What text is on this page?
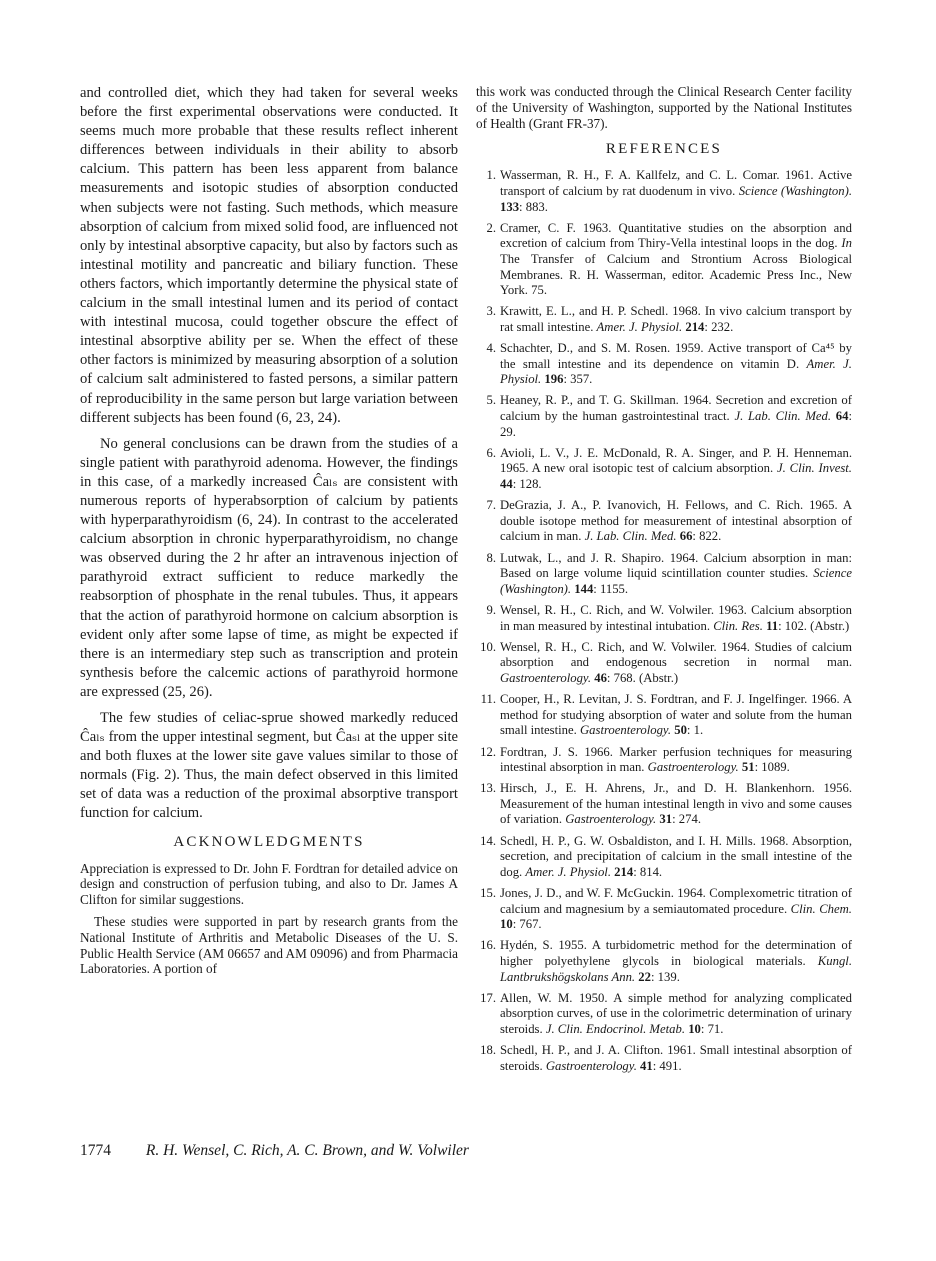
and controlled diet, which they had taken for several weeks before the first experimental observations were conducted. It seems much more probable that these results reflect inherent differences between individuals in their ability to absorb calcium. This pattern has been less apparent from balance measurements and isotopic studies of absorption conducted when subjects were not fasting. Such methods, which measure absorption of calcium from mixed solid food, are influenced not only by intestinal absorptive capacity, but also by factors such as intestinal motility and pancreatic and biliary function. These others factors, which importantly determine the physical state of calcium in the small intestinal lumen and its period of contact with intestinal mucosa, could together obscure the effect of intestinal absorptive ability per se. When the effect of these other factors is minimized by measuring absorption of a solution of calcium salt administered to fasted persons, a similar pattern of reproducibility in the same person but large variation between different subjects has been found (6, 23, 24).

No general conclusions can be drawn from the studies of a single patient with parathyroid adenoma. However, the findings in this case, of a markedly increased Ĉaₗₛ are consistent with numerous reports of hyperabsorption of calcium by patients with hyperparathyroidism (6, 24). In contrast to the accelerated calcium absorption in chronic hyperparathyroidism, no change was observed during the 2 hr after an intravenous injection of parathyroid extract sufficient to reduce markedly the reabsorption of phosphate in the renal tubules. Thus, it appears that the action of parathyroid hormone on calcium absorption is evident only after some lapse of time, as might be expected if there is an intermediary step such as transcription and protein synthesis before the calcemic actions of parathyroid hormone are expressed (25, 26).

The few studies of celiac-sprue showed markedly reduced Ĉaₗₛ from the upper intestinal segment, but Ĉaₛₗ at the upper site and both fluxes at the lower site gave values similar to those of normals (Fig. 2). Thus, the main defect observed in this limited set of data was a reduction of the proximal absorptive transport function for calcium.

ACKNOWLEDGMENTS

Appreciation is expressed to Dr. John F. Fordtran for detailed advice on design and construction of perfusion tubing, and also to Dr. James A Clifton for similar suggestions.

These studies were supported in part by research grants from the National Institute of Arthritis and Metabolic Diseases of the U. S. Public Health Service (AM 06657 and AM 09096) and from Pharmacia Laboratories. A portion of

this work was conducted through the Clinical Research Center facility of the University of Washington, supported by the National Institutes of Health (Grant FR-37).

REFERENCES
1. Wasserman, R. H., F. A. Kallfelz, and C. L. Comar. 1961. Active transport of calcium by rat duodenum in vivo. Science (Washington). 133: 883.
2. Cramer, C. F. 1963. Quantitative studies on the absorption and excretion of calcium from Thiry-Vella intestinal loops in the dog. In The Transfer of Calcium and Strontium Across Biological Membranes. R. H. Wasserman, editor. Academic Press Inc., New York. 75.
3. Krawitt, E. L., and H. P. Schedl. 1968. In vivo calcium transport by rat small intestine. Amer. J. Physiol. 214: 232.
4. Schachter, D., and S. M. Rosen. 1959. Active transport of Ca⁴⁵ by the small intestine and its dependence on vitamin D. Amer. J. Physiol. 196: 357.
5. Heaney, R. P., and T. G. Skillman. 1964. Secretion and excretion of calcium by the human gastrointestinal tract. J. Lab. Clin. Med. 64: 29.
6. Avioli, L. V., J. E. McDonald, R. A. Singer, and P. H. Henneman. 1965. A new oral isotopic test of calcium absorption. J. Clin. Invest. 44: 128.
7. DeGrazia, J. A., P. Ivanovich, H. Fellows, and C. Rich. 1965. A double isotope method for measurement of intestinal absorption of calcium in man. J. Lab. Clin. Med. 66: 822.
8. Lutwak, L., and J. R. Shapiro. 1964. Calcium absorption in man: Based on large volume liquid scintillation counter studies. Science (Washington). 144: 1155.
9. Wensel, R. H., C. Rich, and W. Volwiler. 1963. Calcium absorption in man measured by intestinal intubation. Clin. Res. 11: 102. (Abstr.)
10. Wensel, R. H., C. Rich, and W. Volwiler. 1964. Studies of calcium absorption and endogenous secretion in normal man. Gastroenterology. 46: 768. (Abstr.)
11. Cooper, H., R. Levitan, J. S. Fordtran, and F. J. Ingelfinger. 1966. A method for studying absorption of water and solute from the human small intestine. Gastroenterology. 50: 1.
12. Fordtran, J. S. 1966. Marker perfusion techniques for measuring intestinal absorption in man. Gastroenterology. 51: 1089.
13. Hirsch, J., E. H. Ahrens, Jr., and D. H. Blankenhorn. 1956. Measurement of the human intestinal length in vivo and some causes of variation. Gastroenterology. 31: 274.
14. Schedl, H. P., G. W. Osbaldiston, and I. H. Mills. 1968. Absorption, secretion, and precipitation of calcium in the small intestine of the dog. Amer. J. Physiol. 214: 814.
15. Jones, J. D., and W. F. McGuckin. 1964. Complexometric titration of calcium and magnesium by a semiautomated procedure. Clin. Chem. 10: 767.
16. Hydén, S. 1955. A turbidometric method for the determination of higher polyethylene glycols in biological materials. Kungl. Lantbrukshögskolans Ann. 22: 139.
17. Allen, W. M. 1950. A simple method for analyzing complicated absorption curves, of use in the colorimetric determination of urinary steroids. J. Clin. Endocrinol. Metab. 10: 71.
18. Schedl, H. P., and J. A. Clifton. 1961. Small intestinal absorption of steroids. Gastroenterology. 41: 491.
1774 R. H. Wensel, C. Rich, A. C. Brown, and W. Volwiler
